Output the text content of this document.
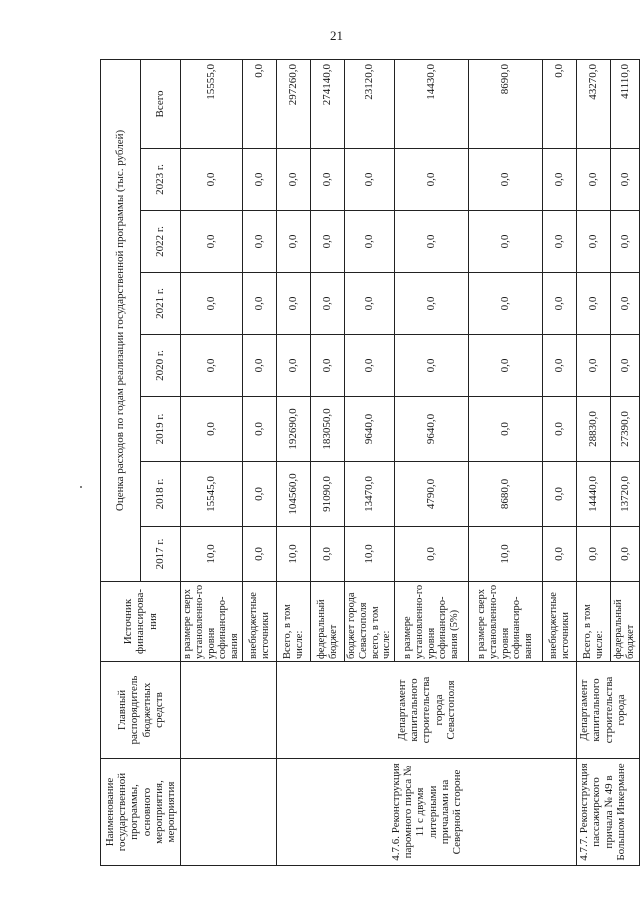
21
Наименование государственной программы, основного мероприятия, мероприятия	Главный распорядитель бюджетных средств	Источник финансирова-ния	Оценка расходов по годам реализации государственной программы (тыс. рублей)							
			2017 г.	2018 г.	2019 г.	2020 г.	2021 г.	2022 г.	2023 г.	Всего
		в размере сверх установленно-го уровня софинансиро-вания	10,0	15545,0	0,0	0,0	0,0	0,0	0,0	15555,0
		внебюджетные источники	0,0	0,0	0,0	0,0	0,0	0,0	0,0	0,0
4.7.6. Реконструкция паромного пирса № 11 с двумя литерными причалами на Северной стороне	Департамент капитального строительства города Севастополя	Всего, в том числе:	10,0	104560,0	192690,0	0,0	0,0	0,0	0,0	297260,0
		федеральный бюджет	0,0	91090,0	183050,0	0,0	0,0	0,0	0,0	274140,0
		бюджет города Севастополя всего, в том числе:	10,0	13470,0	9640,0	0,0	0,0	0,0	0,0	23120,0
		в размере установленно-го уровня софинансиро-вания (5%)	0,0	4790,0	9640,0	0,0	0,0	0,0	0,0	14430,0
		в размере сверх установленно-го уровня софинансиро-вания	10,0	8680,0	0,0	0,0	0,0	0,0	0,0	8690,0
		внебюджетные источники	0,0	0,0	0,0	0,0	0,0	0,0	0,0	0,0
4.7.7. Реконструкция пассажирского причала № 49 в Большом Инкермане	Департамент капитального строительства города	Всего, в том числе:	0,0	14440,0	28830,0	0,0	0,0	0,0	0,0	43270,0
		федеральный бюджет	0,0	13720,0	27390,0	0,0	0,0	0,0	0,0	41110,0
